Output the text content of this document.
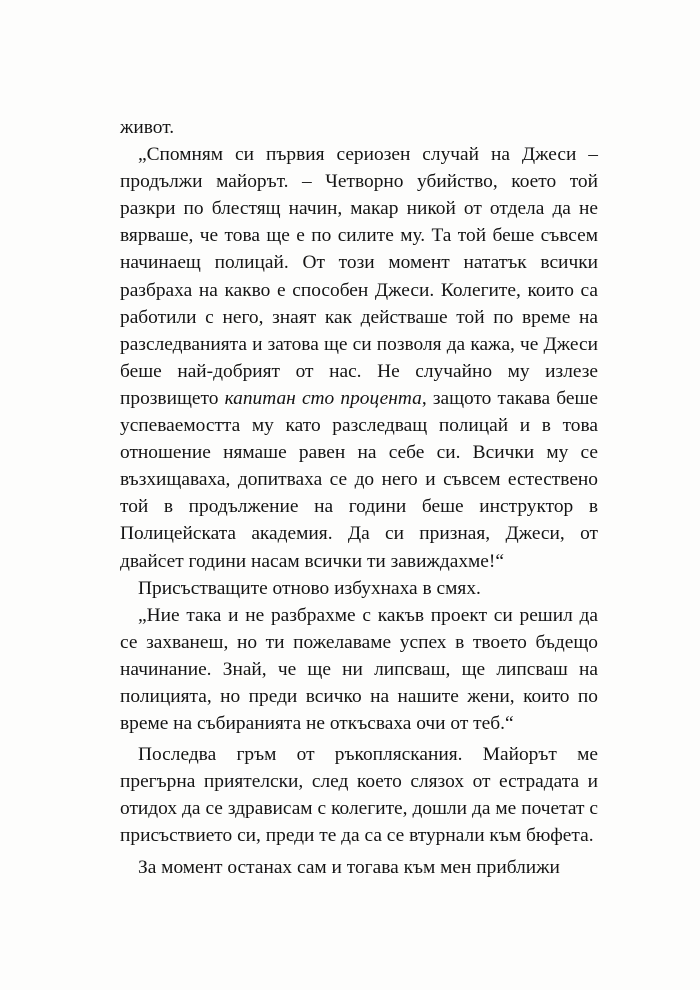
живот.

„Спомням си първия сериозен случай на Джеси – продължи майорът. – Четворно убийство, което той разкри по блестящ начин, макар никой от отдела да не вярваше, че това ще е по силите му. Та той беше съвсем начинаещ полицай. От този момент нататък всички разбраха на какво е способен Джеси. Колегите, които са работили с него, знаят как действаше той по време на разследванията и затова ще си позволя да кажа, че Джеси беше най-добрият от нас. Не случайно му излезе прозвището капитан сто процента, защото такава беше успеваемостта му като разследващ полицай и в това отношение нямаше равен на себе си. Всички му се възхищаваха, допитваха се до него и съвсем естествено той в продължение на години беше инструктор в Полицейската академия. Да си призная, Джеси, от двайсет години насам всички ти завиждахме!“

Присъстващите отново избухнаха в смях.

„Ние така и не разбрахме с какъв проект си решил да се захванеш, но ти пожелаваме успех в твоето бъдещо начинание. Знай, че ще ни липсваш, ще липсваш на полицията, но преди всичко на нашите жени, които по време на събиранията не откъсваха очи от теб.“

Последва гръм от ръкопляскания. Майорът ме прегърна приятелски, след което слязох от естрадата и отидох да се здрависам с колегите, дошли да ме почетат с присъствието си, преди те да са се втурнали към бюфета.

За момент останах сам и тогава към мен приближи
